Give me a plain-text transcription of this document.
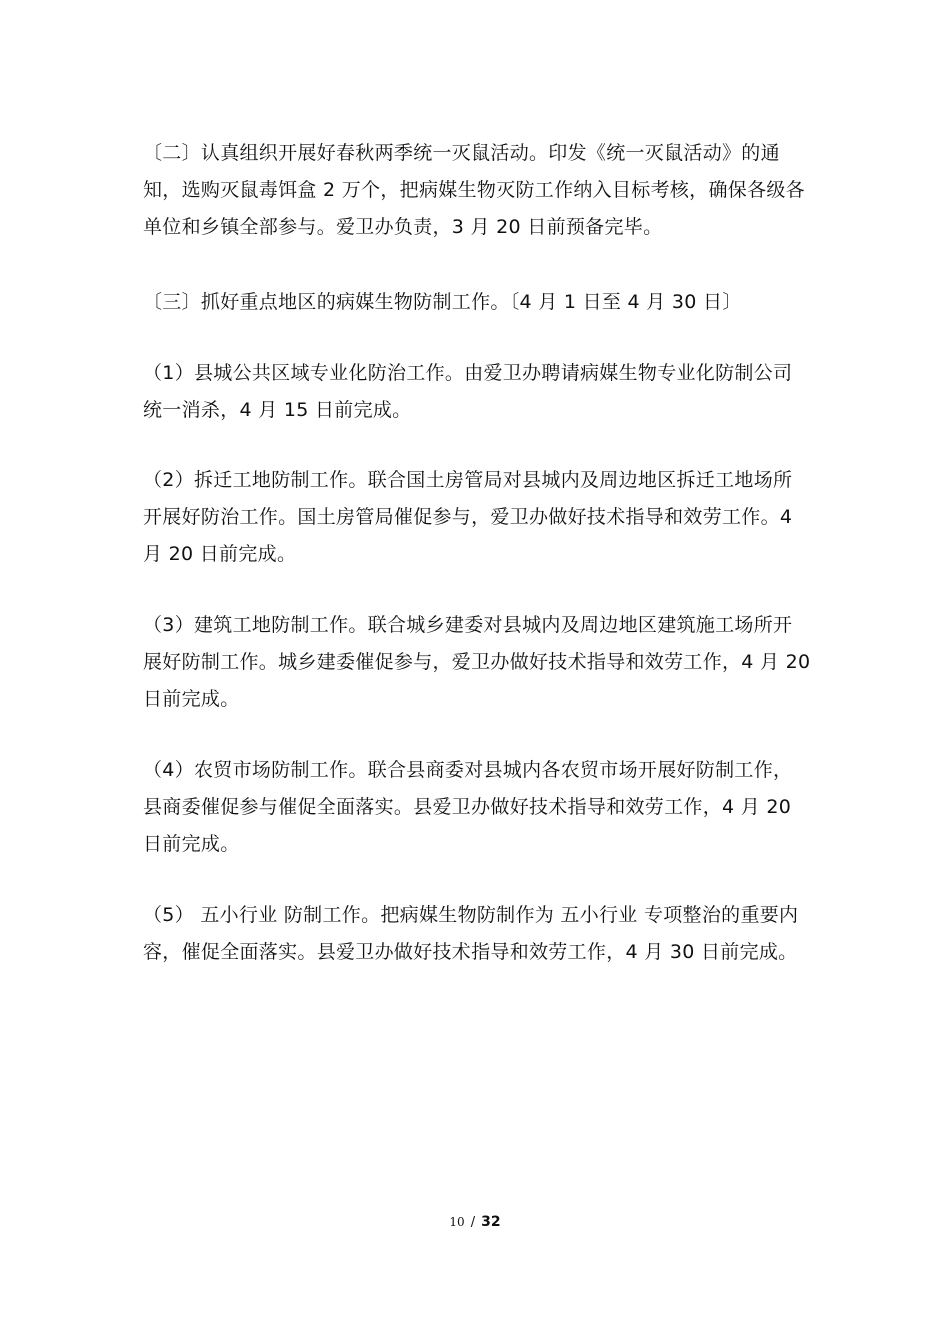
〔二〕认真组织开展好春秋两季统一灭鼠活动。印发《统一灭鼠活动》的通知，选购灭鼠毒饵盒 2 万个，把病媒生物灭防工作纳入目标考核，确保各级各单位和乡镇全部参与。爱卫办负责，3 月 20 日前预备完毕。

〔三〕抓好重点地区的病媒生物防制工作。〔4 月 1 日至 4 月 30 日〕

（1）县城公共区域专业化防治工作。由爱卫办聘请病媒生物专业化防制公司统一消杀，4 月 15 日前完成。

（2）拆迁工地防制工作。联合国土房管局对县城内及周边地区拆迁工地场所开展好防治工作。国土房管局催促参与，爱卫办做好技术指导和效劳工作。4 月 20 日前完成。

（3）建筑工地防制工作。联合城乡建委对县城内及周边地区建筑施工场所开展好防制工作。城乡建委催促参与，爱卫办做好技术指导和效劳工作，4 月 20 日前完成。

（4）农贸市场防制工作。联合县商委对县城内各农贸市场开展好防制工作，县商委催促参与催促全面落实。县爱卫办做好技术指导和效劳工作，4 月 20 日前完成。

（5） 五小行业 防制工作。把病媒生物防制作为 五小行业 专项整治的重要内容，催促全面落实。县爱卫办做好技术指导和效劳工作，4 月 30 日前完成。

10 / 32
